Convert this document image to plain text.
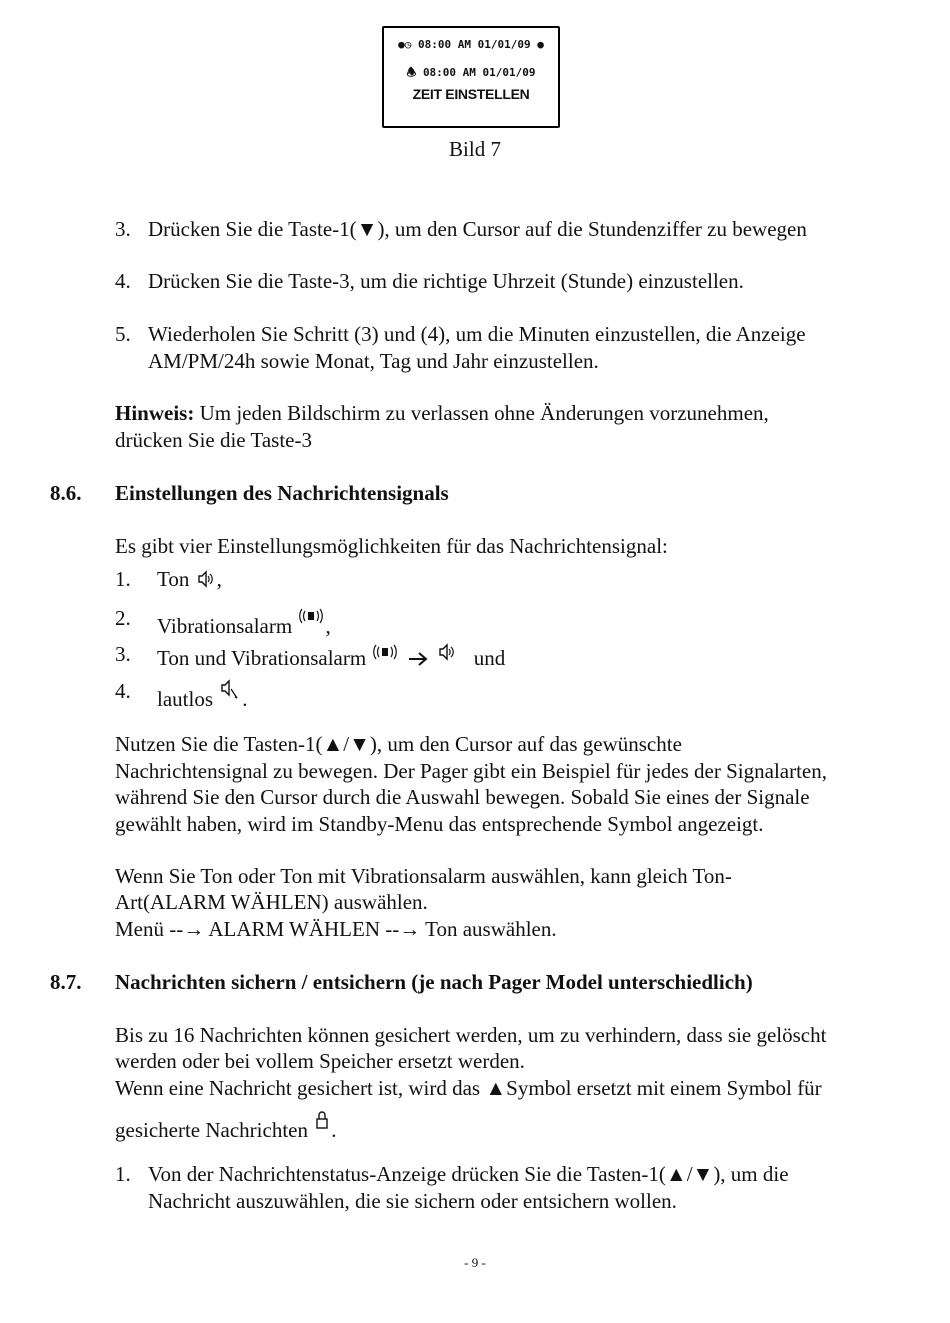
●◷ 08:00 AM 01/01/09 ●
🕭 08:00 AM 01/01/09
ZEIT EINSTELLEN
Bild 7
3. Drücken Sie die Taste-1(▼), um den Cursor auf die Stundenziffer zu bewegen
4. Drücken Sie die Taste-3, um die richtige Uhrzeit (Stunde) einzustellen.
5. Wiederholen Sie Schritt (3) und (4), um die Minuten einzustellen, die Anzeige
AM/PM/24h sowie Monat, Tag und Jahr einzustellen.
Hinweis: Um jeden Bildschirm zu verlassen ohne Änderungen vorzunehmen,
drücken Sie die Taste-3
8.6. Einstellungen des Nachrichtensignals
Es gibt vier Einstellungsmöglichkeiten für das Nachrichtensignal:
1. Ton ,
2. Vibrationsalarm ,
3. Ton und Vibrationsalarm	und
4. lautlos .
Nutzen Sie die Tasten-1(▲/▼), um den Cursor auf das gewünschte
Nachrichtensignal zu bewegen. Der Pager gibt ein Beispiel für jedes der Signalarten,
während Sie den Cursor durch die Auswahl bewegen. Sobald Sie eines der Signale
gewählt haben, wird im Standby-Menu das entsprechende Symbol angezeigt.
Wenn Sie Ton oder Ton mit Vibrationsalarm auswählen, kann gleich Ton-
Art(ALARM WÄHLEN) auswählen.
Menü --→ ALARM WÄHLEN --→ Ton auswählen.
8.7. Nachrichten sichern / entsichern (je nach Pager Model unterschiedlich)
Bis zu 16 Nachrichten können gesichert werden, um zu verhindern, dass sie gelöscht
werden oder bei vollem Speicher ersetzt werden.
Wenn eine Nachricht gesichert ist, wird das ▲Symbol ersetzt mit einem Symbol für
gesicherte Nachrichten .
1. Von der Nachrichtenstatus-Anzeige drücken Sie die Tasten-1(▲/▼), um die
Nachricht auszuwählen, die sie sichern oder entsichern wollen.
- 9 -
